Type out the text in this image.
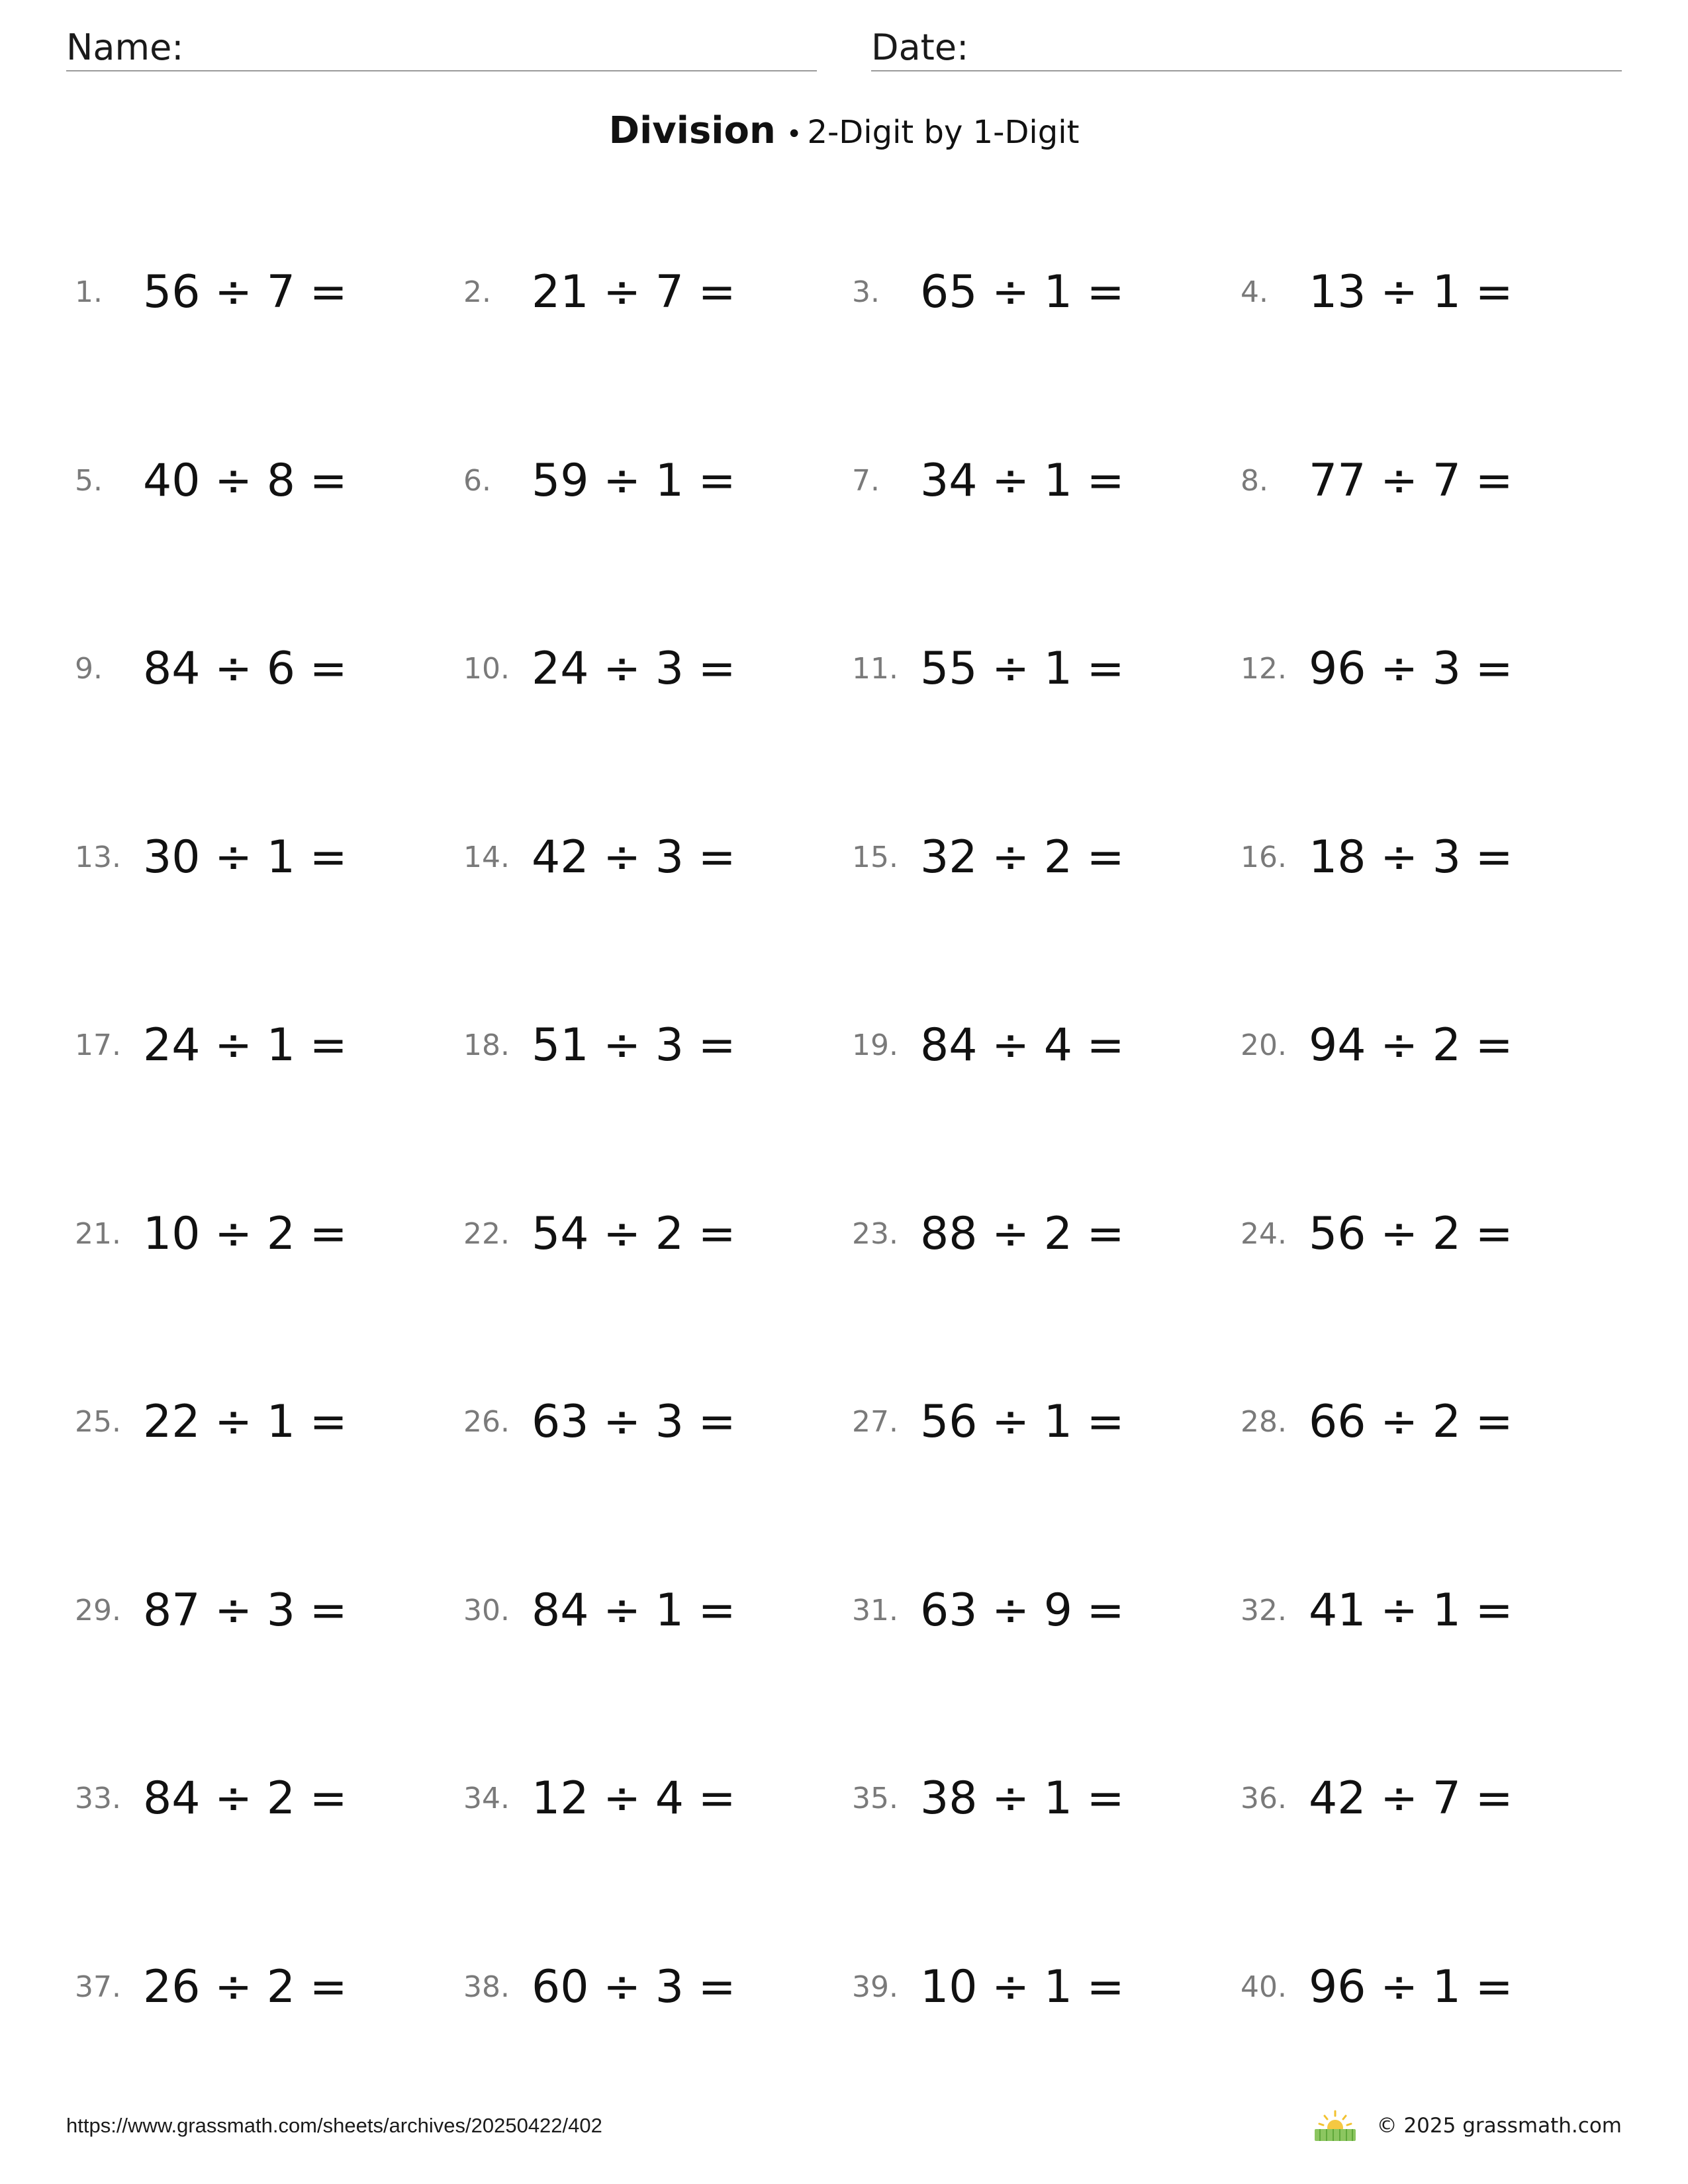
Name:	Date:
Division • 2-Digit by 1-Digit
1. 56 ÷ 7 =	2. 21 ÷ 7 =	3. 65 ÷ 1 =	4. 13 ÷ 1 =
5. 40 ÷ 8 =	6. 59 ÷ 1 =	7. 34 ÷ 1 =	8. 77 ÷ 7 =
9. 84 ÷ 6 =	10. 24 ÷ 3 =	11. 55 ÷ 1 =	12. 96 ÷ 3 =
13. 30 ÷ 1 =	14. 42 ÷ 3 =	15. 32 ÷ 2 =	16. 18 ÷ 3 =
17. 24 ÷ 1 =	18. 51 ÷ 3 =	19. 84 ÷ 4 =	20. 94 ÷ 2 =
21. 10 ÷ 2 =	22. 54 ÷ 2 =	23. 88 ÷ 2 =	24. 56 ÷ 2 =
25. 22 ÷ 1 =	26. 63 ÷ 3 =	27. 56 ÷ 1 =	28. 66 ÷ 2 =
29. 87 ÷ 3 =	30. 84 ÷ 1 =	31. 63 ÷ 9 =	32. 41 ÷ 1 =
33. 84 ÷ 2 =	34. 12 ÷ 4 =	35. 38 ÷ 1 =	36. 42 ÷ 7 =
37. 26 ÷ 2 =	38. 60 ÷ 3 =	39. 10 ÷ 1 =	40. 96 ÷ 1 =
https://www.grassmath.com/sheets/archives/20250422/402	© 2025 grassmath.com
